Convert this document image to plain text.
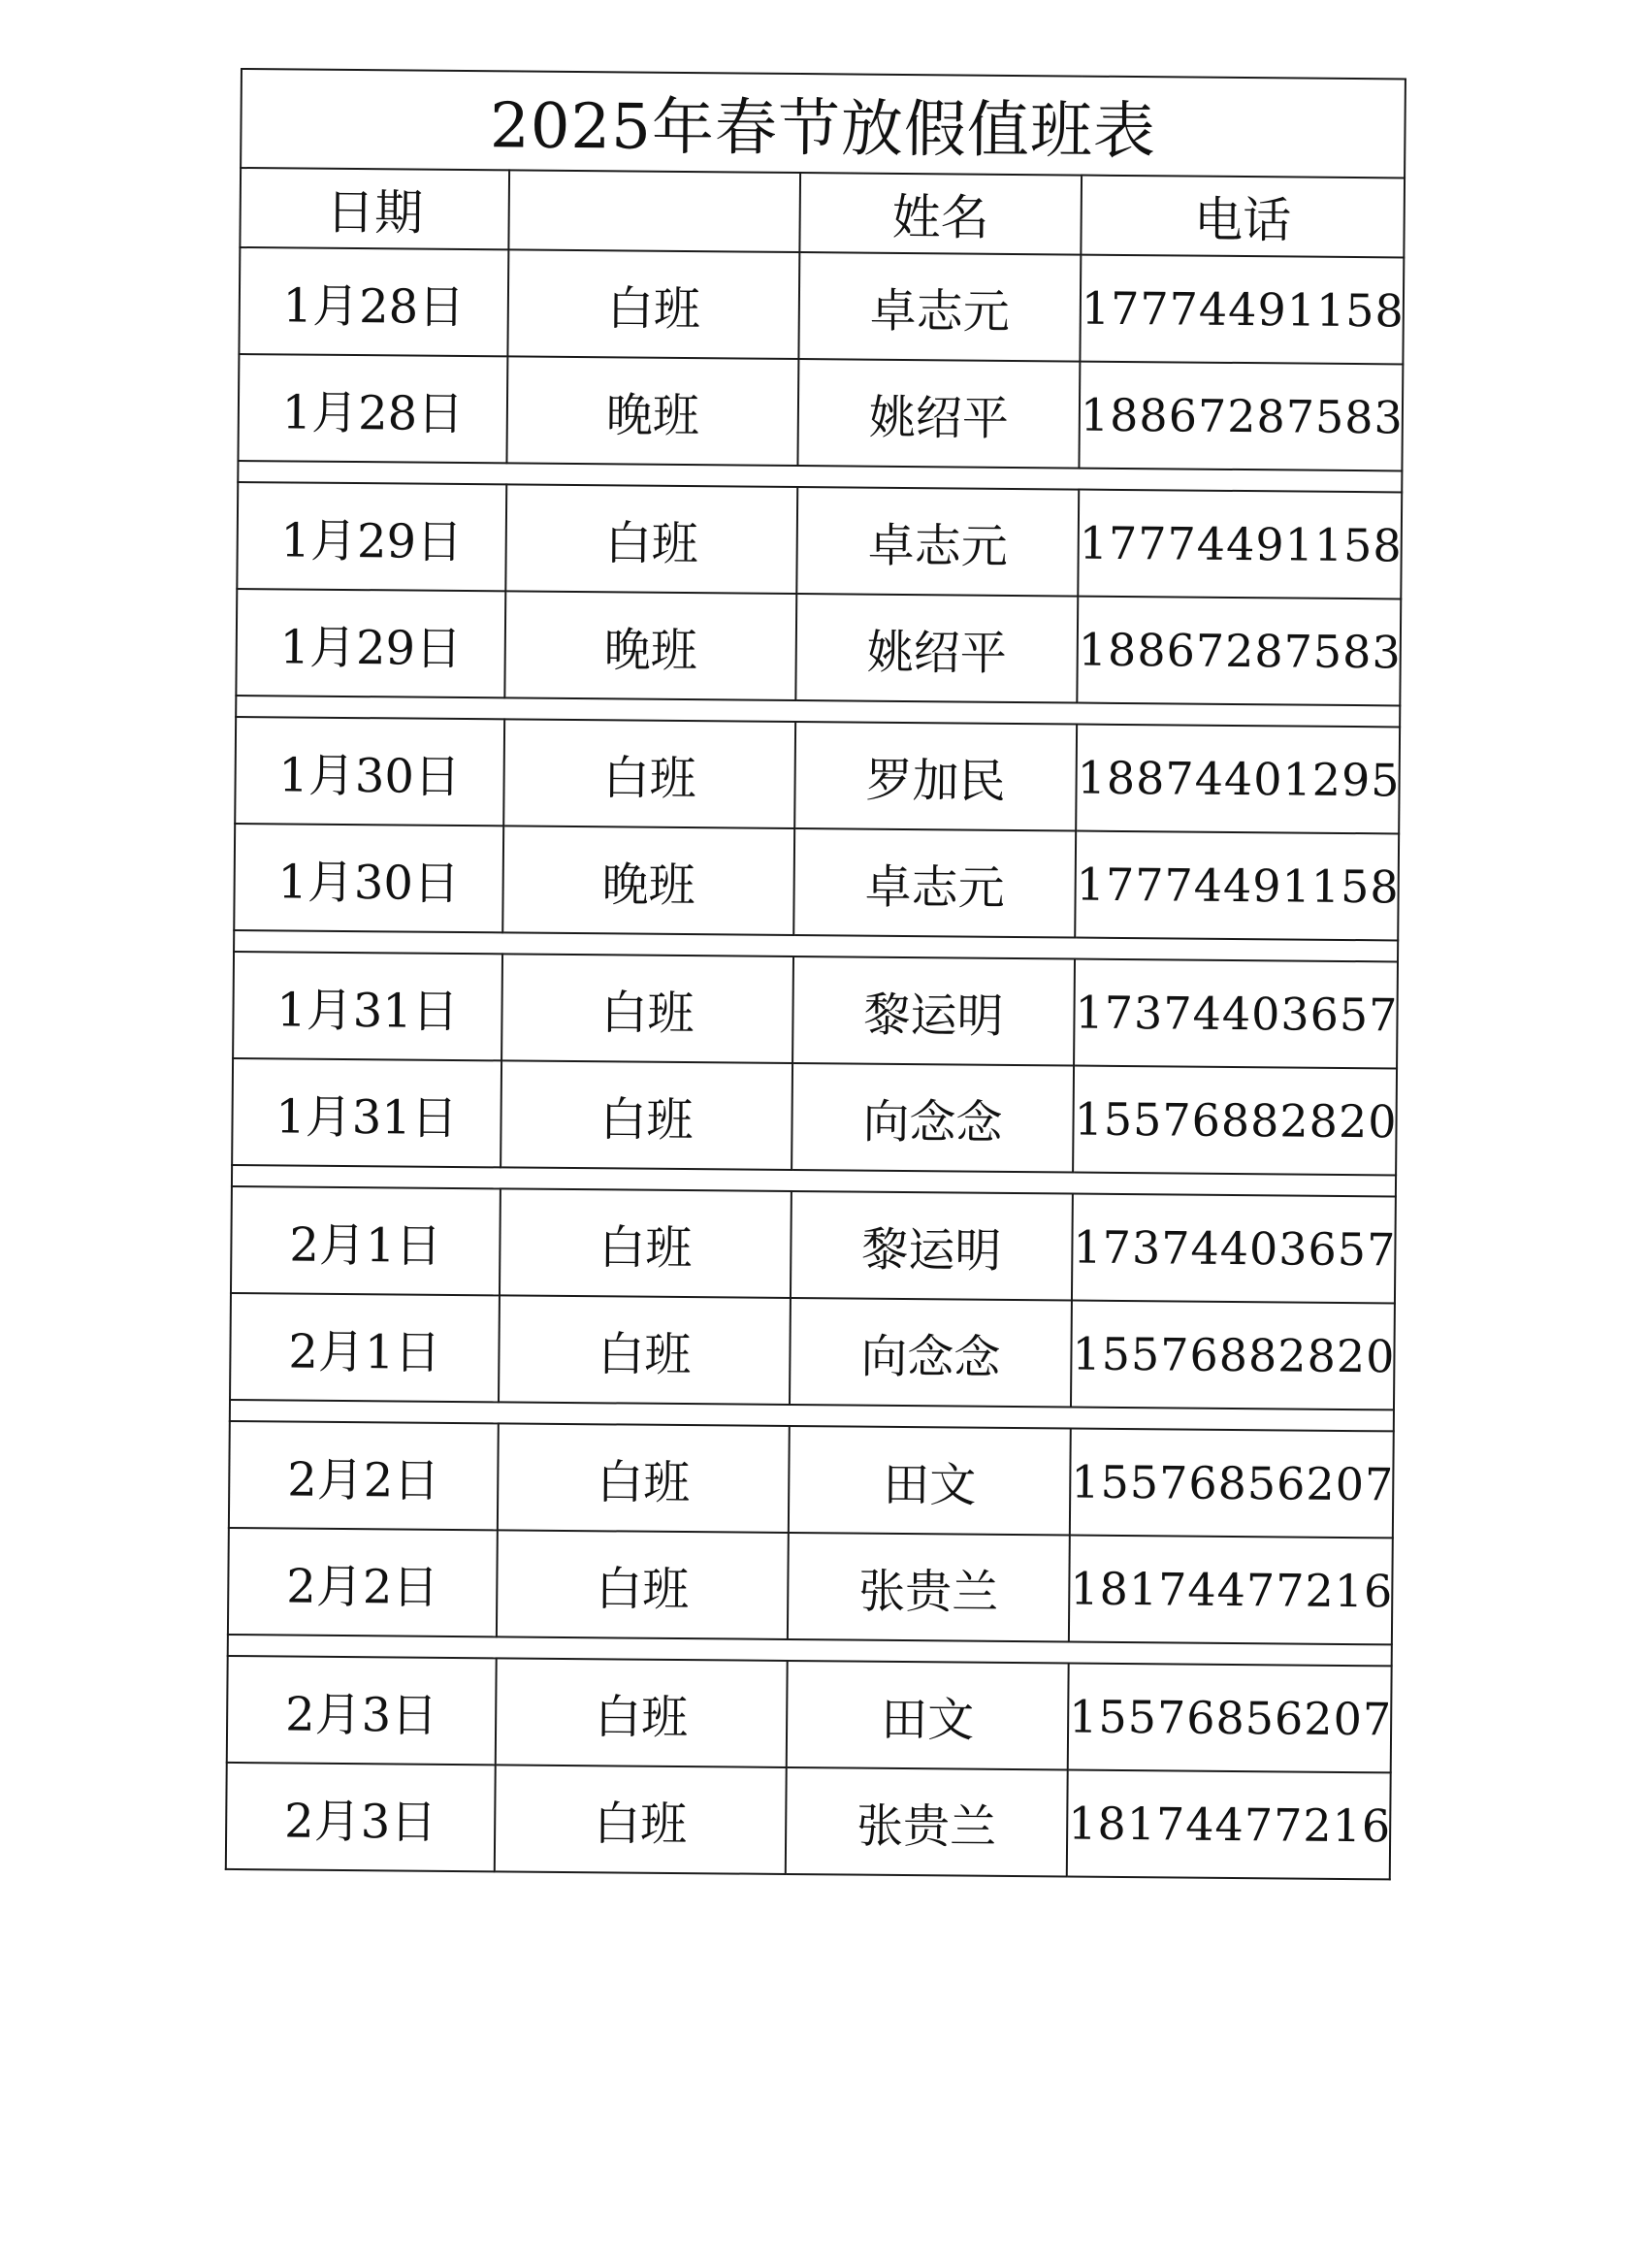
2025年春节放假值班表			
日期		姓名	电话
1月28日	白班	卓志元	17774491158
1月28日	晚班	姚绍平	18867287583

1月29日	白班	卓志元	17774491158
1月29日	晚班	姚绍平	18867287583

1月30日	白班	罗加民	18874401295
1月30日	晚班	卓志元	17774491158

1月31日	白班	黎运明	17374403657
1月31日	白班	向念念	15576882820

2月1日	白班	黎运明	17374403657
2月1日	白班	向念念	15576882820

2月2日	白班	田文	15576856207
2月2日	白班	张贵兰	18174477216

2月3日	白班	田文	15576856207
2月3日	白班	张贵兰	18174477216
